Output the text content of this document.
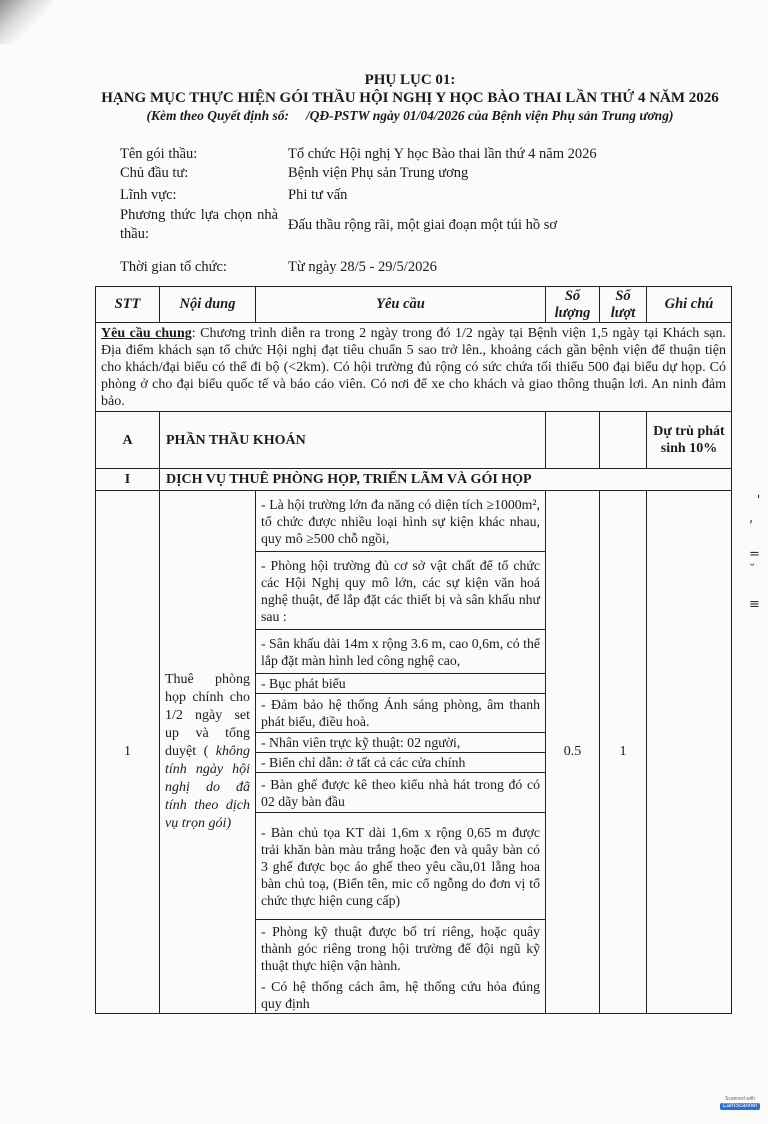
PHỤ LỤC 01:
HẠNG MỤC THỰC HIỆN GÓI THẦU HỘI NGHỊ Y HỌC BÀO THAI LẦN THỨ 4 NĂM 2026
(Kèm theo Quyết định số:     /QĐ-PSTW ngày 01/04/2026 của Bệnh viện Phụ sản Trung ương)
Tên gói thầu:	Tổ chức Hội nghị Y học Bào thai lần thứ 4 năm 2026
Chủ đầu tư:	Bệnh viện Phụ sản Trung ương
Lĩnh vực:	Phi tư vấn
Phương thức lựa chọn nhà thầu:
Đấu thầu rộng rãi, một giai đoạn một túi hồ sơ
Thời gian tổ chức:	Từ ngày 28/5 - 29/5/2026
STT	Nội dung	Yêu cầu	Số lượng	Số lượt	Ghi chú
Yêu cầu chung: Chương trình diễn ra trong 2 ngày trong đó 1/2 ngày tại Bệnh viện 1,5 ngày tại Khách sạn. Địa điểm khách sạn tổ chức Hội nghị đạt tiêu chuẩn 5 sao trở lên., khoảng cách gần bệnh viện để thuận tiện cho khách/đại biểu có thể đi bộ (<2km). Có hội trường đủ rộng có sức chứa tối thiểu 500 đại biểu dự họp. Có phòng ở cho đại biểu quốc tế và báo cáo viên. Có nơi để xe cho khách và giao thông thuận lơi. An ninh đảm bảo.					
A	PHẦN THẦU KHOÁN				Dự trù phát sinh 10%
I	DỊCH VỤ THUÊ PHÒNG HỌP, TRIỂN LÃM VÀ GÓI HỌP				
1	Thuê phòng họp chính cho 1/2 ngày set up và tổng duyệt ( không tính ngày hội nghị do đã tính theo dịch vụ trọn gói)	- Là hội trường lớn đa năng có diện tích ≥1000m², tổ chức được nhiều loại hình sự kiện khác nhau, quy mô ≥500 chỗ ngồi,	0.5	1	
		- Phòng hội trường đủ cơ sở vật chất để tổ chức các Hội Nghị quy mô lớn, các sự kiện văn hoá nghệ thuật, để lắp đặt các thiết bị và sân khấu như sau :			
		- Sân khấu dài 14m x rộng 3.6 m, cao 0,6m, có thể lắp đặt màn hình led công nghệ cao,			
		- Bục phát biểu			
		- Đảm bảo hệ thống Ánh sáng phòng, âm thanh phát biểu, điều hoà.			
		- Nhân viên trực kỹ thuật: 02 người,			
		- Biển chỉ dẫn: ở tất cả các cửa chính			
		- Bàn ghế được kê theo kiểu nhà hát trong đó có 02 dãy bàn đầu			
		- Bàn chủ tọa KT dài 1,6m x rộng 0,65 m được trải khăn bàn màu trắng hoặc đen và quây bàn có 3 ghế được bọc áo ghế theo yêu cầu,01 lẵng hoa bàn chủ toạ, (Biển tên, mic cổ ngỗng do đơn vị tổ chức thực hiện cung cấp)			
		- Phòng kỹ thuật được bố trí riêng, hoặc quây thành góc riêng trong hội trường để đội ngũ kỹ thuật thực hiện vận hành.			
		- Có hệ thống cách âm, hệ thống cứu hỏa đúng quy định			
-
,
=
˘
≡
Scanned with
CamScanner
